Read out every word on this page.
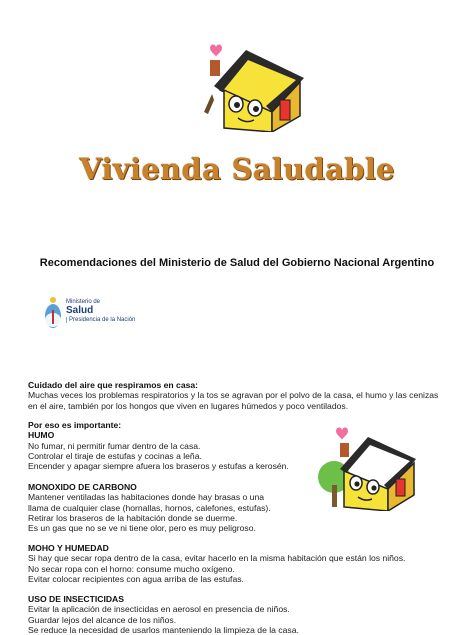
Vivienda Saludable
Recomendaciones del Ministerio de Salud del Gobierno Nacional Argentino
Ministerio de
Salud
Presidencia de la Nación

Cuidado del aire que respiramos en casa:

Muchas veces los problemas respiratorios y la tos se agravan por el polvo de la casa, el humo y las cenizas

en el aire, también por los hongos que viven en lugares húmedos y poco ventilados.

Por eso es importante:

HUMO

No fumar, ni permitir fumar dentro de la casa.

Controlar el tiraje de estufas y cocinas a leña.

Encender y apagar siempre afuera los braseros y estufas a kerosén.

MONOXIDO DE CARBONO

Mantener ventiladas las habitaciones donde hay brasas o una

llama de cualquier clase (hornallas, hornos, calefones, estufas).

Retirar los braseros de la habitación donde se duerme.

Es un gas que no se ve ni tiene olor, pero es muy peligroso.

MOHO Y HUMEDAD

Si hay que secar ropa dentro de la casa, evitar hacerlo en la misma habitación que están los niños.

No secar ropa con el horno: consume mucho oxígeno.

Evitar colocar recipientes con agua arriba de las estufas.

USO DE INSECTICIDAS

Evitar la aplicación de insecticidas en aerosol en presencia de niños.

Guardar lejos del alcance de los niños.

Se reduce la necesidad de usarlos manteniendo la limpieza de la casa.
